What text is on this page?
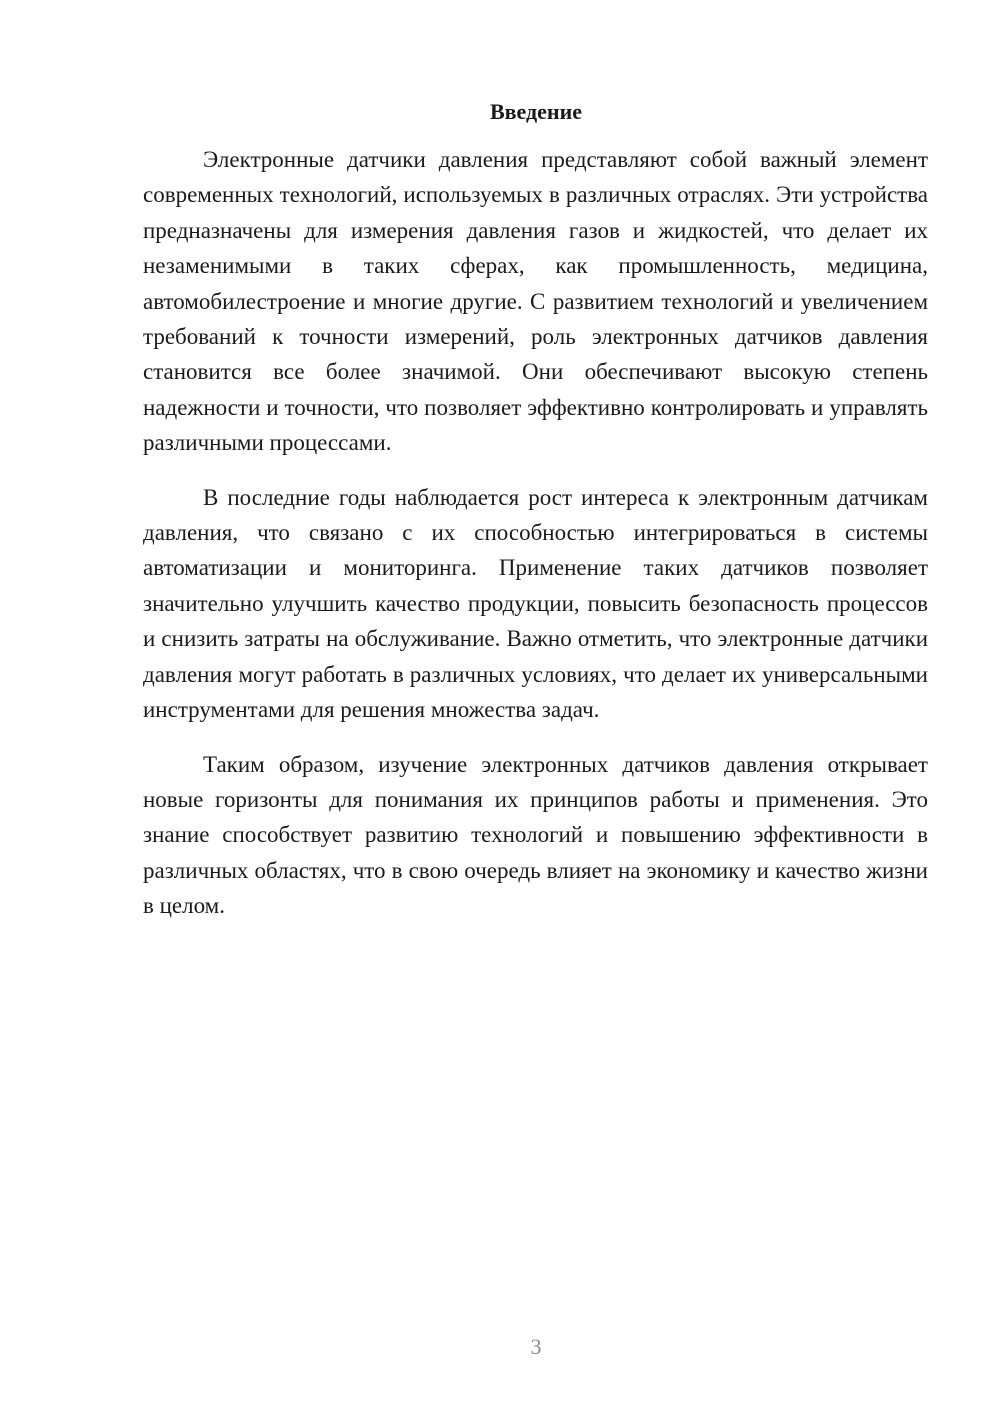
Введение

Электронные датчики давления представляют собой важный элемент современных технологий, используемых в различных отраслях. Эти устройства предназначены для измерения давления газов и жидкостей, что делает их незаменимыми в таких сферах, как промышленность, медицина, автомобилестроение и многие другие. С развитием технологий и увеличением требований к точности измерений, роль электронных датчиков давления становится все более значимой. Они обеспечивают высокую степень надежности и точности, что позволяет эффективно контролировать и управлять различными процессами.

В последние годы наблюдается рост интереса к электронным датчикам давления, что связано с их способностью интегрироваться в системы автоматизации и мониторинга. Применение таких датчиков позволяет значительно улучшить качество продукции, повысить безопасность процессов и снизить затраты на обслуживание. Важно отметить, что электронные датчики давления могут работать в различных условиях, что делает их универсальными инструментами для решения множества задач.

Таким образом, изучение электронных датчиков давления открывает новые горизонты для понимания их принципов работы и применения. Это знание способствует развитию технологий и повышению эффективности в различных областях, что в свою очередь влияет на экономику и качество жизни в целом.

3
